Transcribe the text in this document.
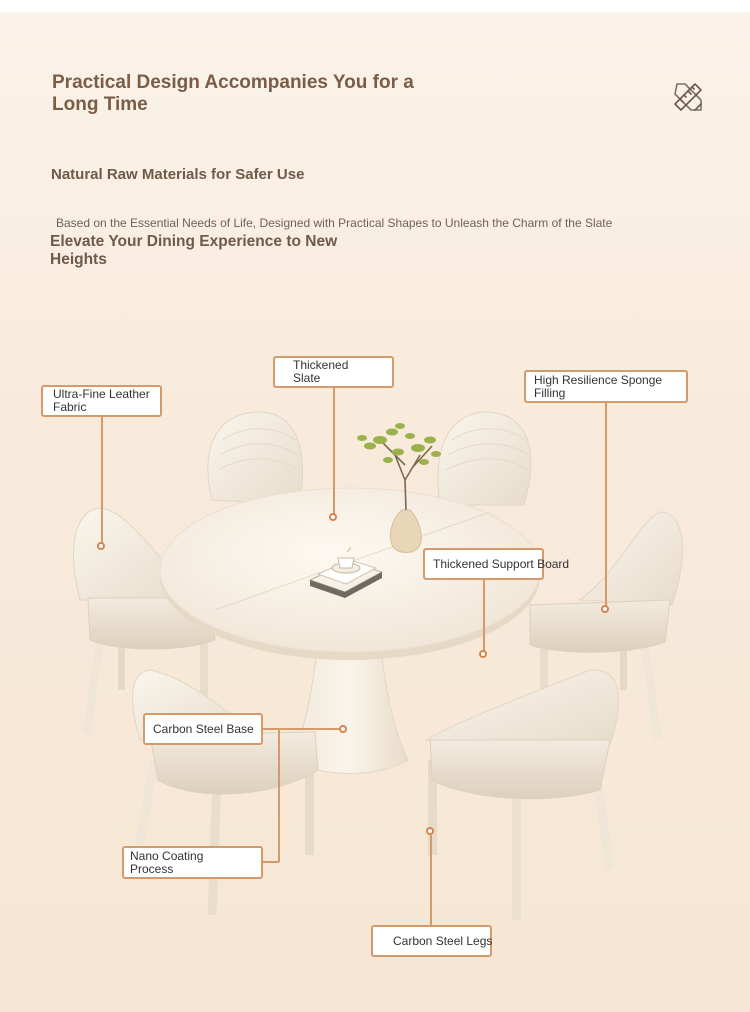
Practical Design Accompanies You for a Long Time
Natural Raw Materials for Safer Use
Based on the Essential Needs of Life, Designed with Practical Shapes to Unleash the Charm of the Slate
Elevate Your Dining Experience to New Heights
Ultra-Fine Leather Fabric
Thickened Slate	High Resilience Sponge Filling
Thickened Support Board
Carbon Steel Base
Nano Coating Process
Carbon Steel Legs
